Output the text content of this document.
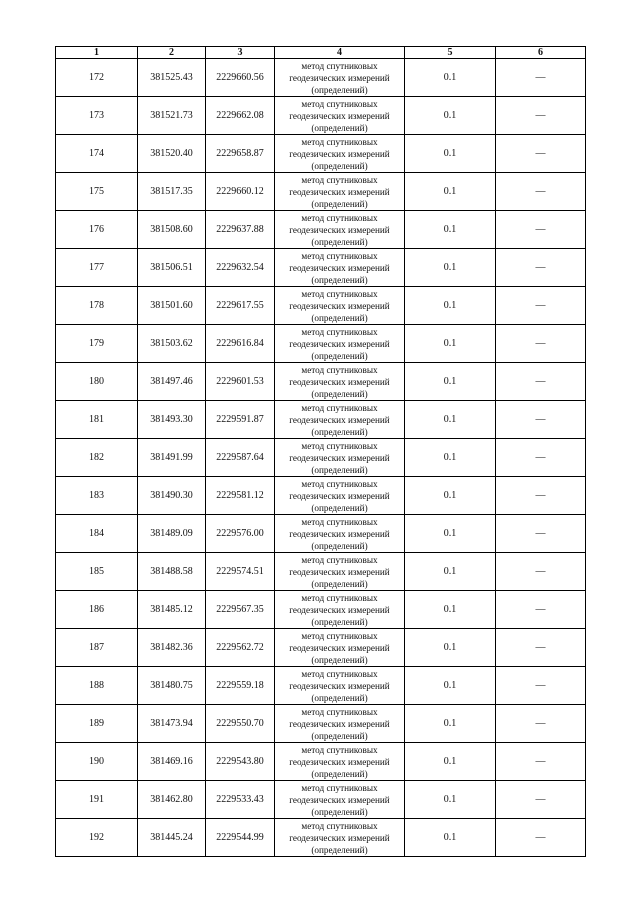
1	2	3	4	5	6
172	381525.43	2229660.56	метод спутниковых геодезических измерений (определений)	0.1	—
173	381521.73	2229662.08	метод спутниковых геодезических измерений (определений)	0.1	—
174	381520.40	2229658.87	метод спутниковых геодезических измерений (определений)	0.1	—
175	381517.35	2229660.12	метод спутниковых геодезических измерений (определений)	0.1	—
176	381508.60	2229637.88	метод спутниковых геодезических измерений (определений)	0.1	—
177	381506.51	2229632.54	метод спутниковых геодезических измерений (определений)	0.1	—
178	381501.60	2229617.55	метод спутниковых геодезических измерений (определений)	0.1	—
179	381503.62	2229616.84	метод спутниковых геодезических измерений (определений)	0.1	—
180	381497.46	2229601.53	метод спутниковых геодезических измерений (определений)	0.1	—
181	381493.30	2229591.87	метод спутниковых геодезических измерений (определений)	0.1	—
182	381491.99	2229587.64	метод спутниковых геодезических измерений (определений)	0.1	—
183	381490.30	2229581.12	метод спутниковых геодезических измерений (определений)	0.1	—
184	381489.09	2229576.00	метод спутниковых геодезических измерений (определений)	0.1	—
185	381488.58	2229574.51	метод спутниковых геодезических измерений (определений)	0.1	—
186	381485.12	2229567.35	метод спутниковых геодезических измерений (определений)	0.1	—
187	381482.36	2229562.72	метод спутниковых геодезических измерений (определений)	0.1	—
188	381480.75	2229559.18	метод спутниковых геодезических измерений (определений)	0.1	—
189	381473.94	2229550.70	метод спутниковых геодезических измерений (определений)	0.1	—
190	381469.16	2229543.80	метод спутниковых геодезических измерений (определений)	0.1	—
191	381462.80	2229533.43	метод спутниковых геодезических измерений (определений)	0.1	—
192	381445.24	2229544.99	метод спутниковых геодезических измерений (определений)	0.1	—
